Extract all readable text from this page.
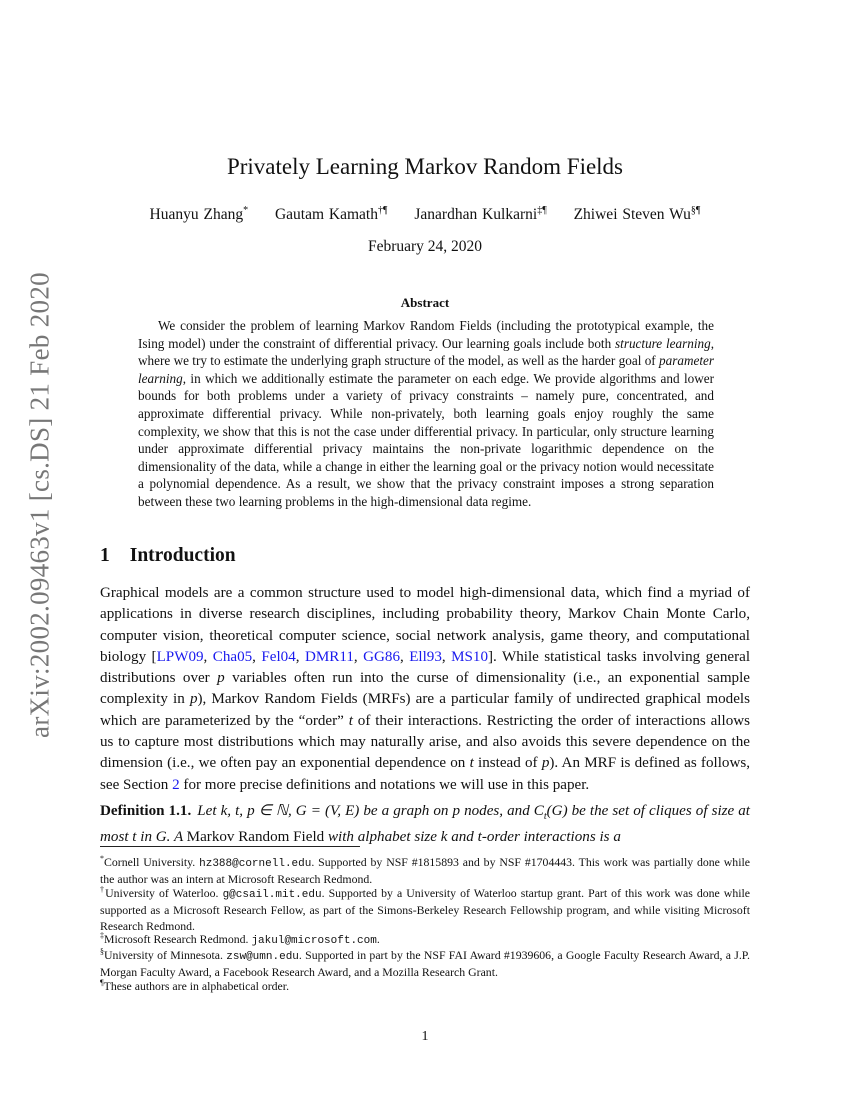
arXiv:2002.09463v1 [cs.DS] 21 Feb 2020
Privately Learning Markov Random Fields
Huanyu Zhang* Gautam Kamath†¶ Janardhan Kulkarni‡¶ Zhiwei Steven Wu§¶
February 24, 2020
Abstract

We consider the problem of learning Markov Random Fields (including the prototypical example, the Ising model) under the constraint of differential privacy. Our learning goals include both structure learning, where we try to estimate the underlying graph structure of the model, as well as the harder goal of parameter learning, in which we additionally estimate the parameter on each edge. We provide algorithms and lower bounds for both problems under a variety of privacy constraints – namely pure, concentrated, and approximate differential privacy. While non-privately, both learning goals enjoy roughly the same complexity, we show that this is not the case under differential privacy. In particular, only structure learning under approximate differential privacy maintains the non-private logarithmic dependence on the dimensionality of the data, while a change in either the learning goal or the privacy notion would necessitate a polynomial dependence. As a result, we show that the privacy constraint imposes a strong separation between these two learning problems in the high-dimensional data regime.

1 Introduction

Graphical models are a common structure used to model high-dimensional data, which find a myriad of applications in diverse research disciplines, including probability theory, Markov Chain Monte Carlo, computer vision, theoretical computer science, social network analysis, game theory, and computational biology [LPW09, Cha05, Fel04, DMR11, GG86, Ell93, MS10]. While statistical tasks involving general distributions over p variables often run into the curse of dimensionality (i.e., an exponential sample complexity in p), Markov Random Fields (MRFs) are a particular family of undirected graphical models which are parameterized by the “order” t of their interactions. Restricting the order of interactions allows us to capture most distributions which may naturally arise, and also avoids this severe dependence on the dimension (i.e., we often pay an exponential dependence on t instead of p). An MRF is defined as follows, see Section 2 for more precise definitions and notations we will use in this paper.

Definition 1.1. Let k, t, p ∈ ℕ, G = (V, E) be a graph on p nodes, and $C_t(G)$ be the set of cliques of size at most t in G. A Markov Random Field with alphabet size k and t-order interactions is a

*Cornell University. hz388@cornell.edu. Supported by NSF #1815893 and by NSF #1704443. This work was partially done while the author was an intern at Microsoft Research Redmond.

†University of Waterloo. g@csail.mit.edu. Supported by a University of Waterloo startup grant. Part of this work was done while supported as a Microsoft Research Fellow, as part of the Simons-Berkeley Research Fellowship program, and while visiting Microsoft Research Redmond.

‡Microsoft Research Redmond. jakul@microsoft.com.

§University of Minnesota. zsw@umn.edu. Supported in part by the NSF FAI Award #1939606, a Google Faculty Research Award, a J.P. Morgan Faculty Award, a Facebook Research Award, and a Mozilla Research Grant.

¶These authors are in alphabetical order.

1
